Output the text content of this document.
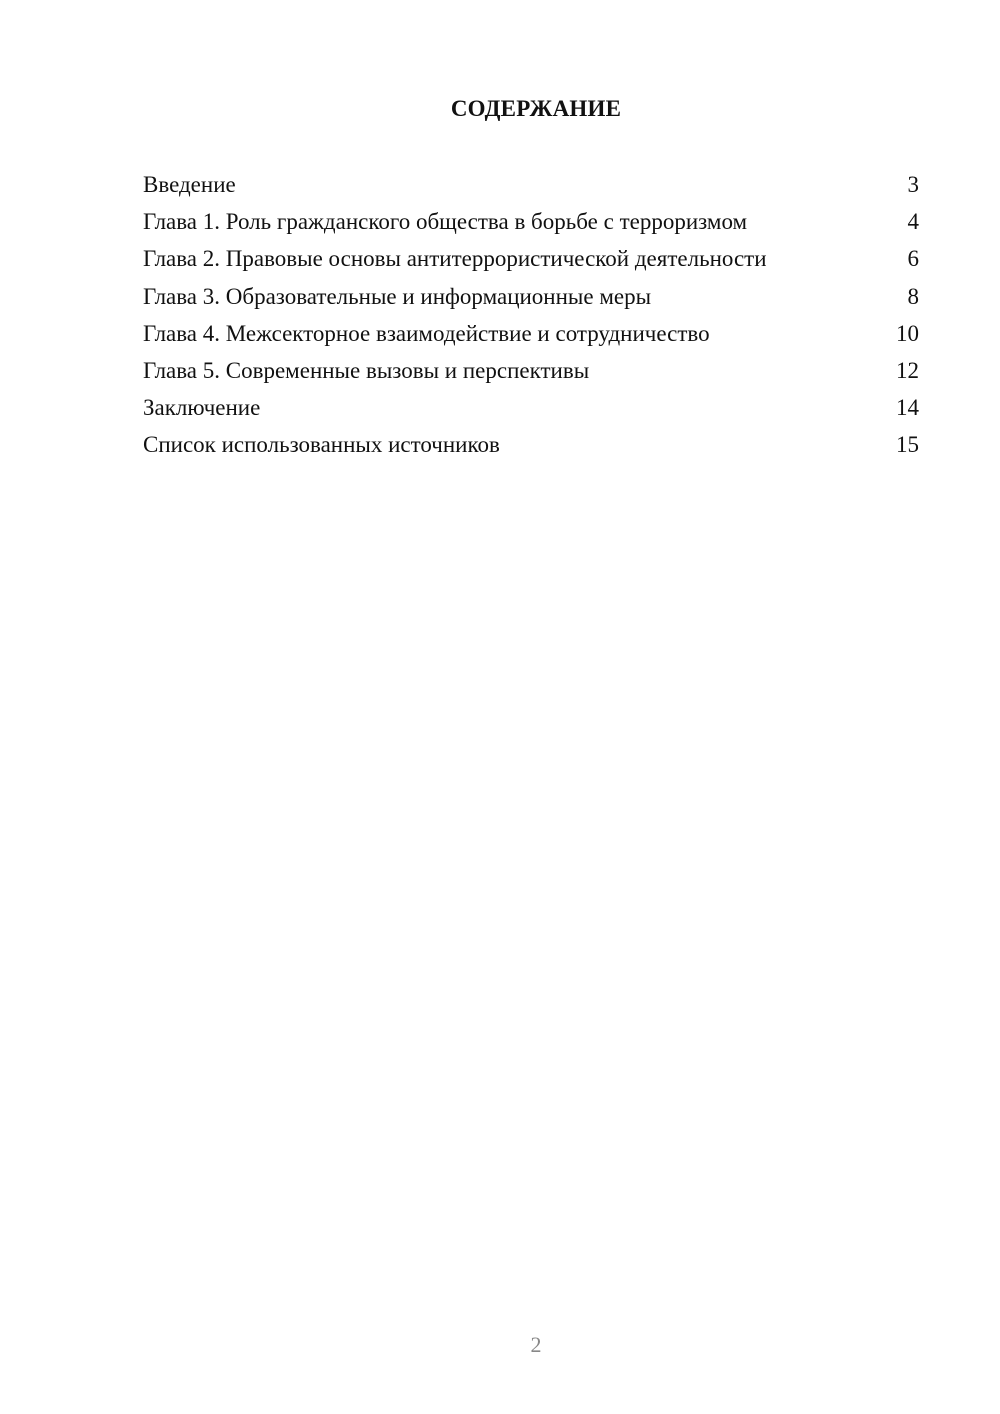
СОДЕРЖАНИЕ
Введение	3
Глава 1. Роль гражданского общества в борьбе с терроризмом	4
Глава 2. Правовые основы антитеррористической деятельности	6
Глава 3. Образовательные и информационные меры	8
Глава 4. Межсекторное взаимодействие и сотрудничество	10
Глава 5. Современные вызовы и перспективы	12
Заключение	14
Список использованных источников	15
2
